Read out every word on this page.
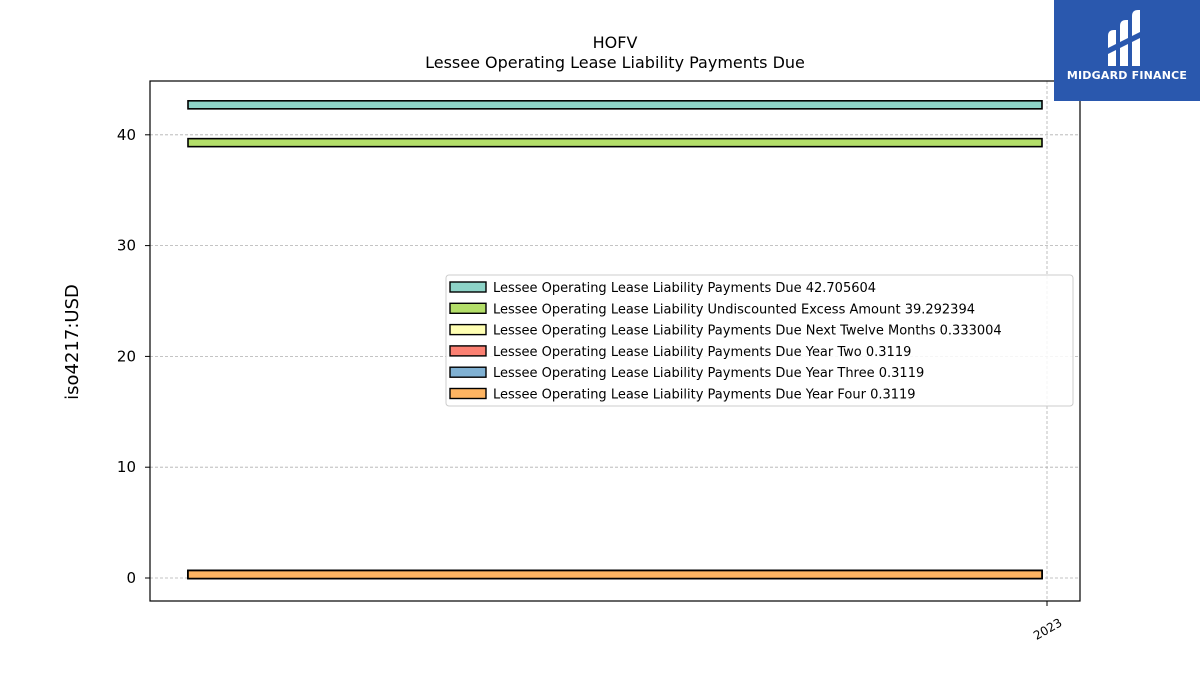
HOFV
Lessee Operating Lease Liability Payments Due
iso4217:USD
0
10
20
30
40
2023
Lessee Operating Lease Liability Payments Due 42.705604
Lessee Operating Lease Liability Undiscounted Excess Amount 39.292394
Lessee Operating Lease Liability Payments Due Next Twelve Months 0.333004
Lessee Operating Lease Liability Payments Due Year Two 0.3119
Lessee Operating Lease Liability Payments Due Year Three 0.3119
Lessee Operating Lease Liability Payments Due Year Four 0.3119
MIDGARD FINANCE
